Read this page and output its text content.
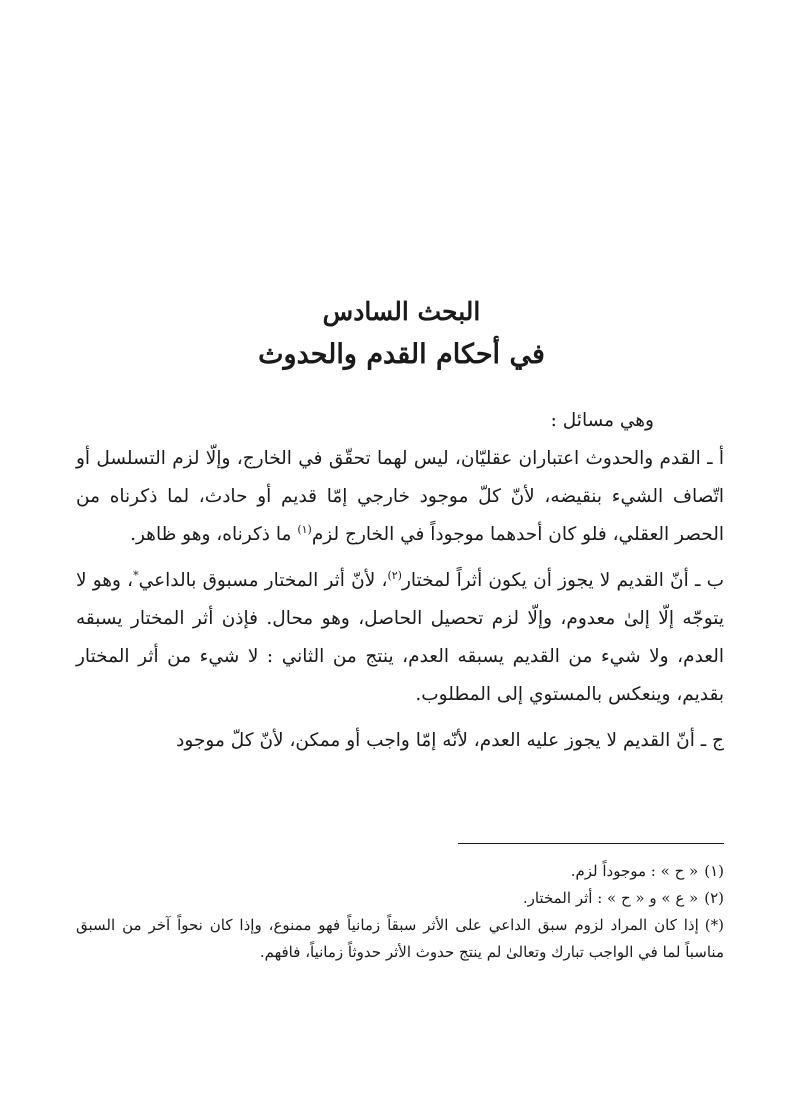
البحث السادس
في أحكام القدم والحدوث

وهي مسائل :

أ ـ القدم والحدوث اعتباران عقليّان، ليس لهما تحقّق في الخارج، وإلّا لزم التسلسل أو اتّصاف الشيء بنقيضه، لأنّ كلّ موجود خارجي إمّا قديم أو حادث، لما ذكرناه من الحصر العقلي، فلو كان أحدهما موجوداً في الخارج لزم$^{(١)}$ ما ذكرناه، وهو ظاهر.

ب ـ أنّ القديم لا يجوز أن يكون أثراً لمختار$^{(٢)}$، لأنّ أثر المختار مسبوق بالداعي*، وهو لا يتوجّه إلّا إلىٰ معدوم، وإلّا لزم تحصيل الحاصل، وهو محال. فإذن أثر المختار يسبقه العدم، ولا شيء من القديم يسبقه العدم، ينتج من الثاني : لا شيء من أثر المختار بقديم، وينعكس بالمستوي إلى المطلوب.

ج ـ أنّ القديم لا يجوز عليه العدم، لأنّه إمّا واجب أو ممكن، لأنّ كلّ موجود

(١)« ح » : موجوداً لزم.

(٢)« ع » و « ح » : أثر المختار.

(*)إذا كان المراد لزوم سبق الداعي على الأثر سبقاً زمانياً فهو ممنوع، وإذا كان نحواً آخر من السبق مناسباً لما في الواجب تبارك وتعالىٰ لم ينتج حدوث الأثر حدوثاً زمانياً، فافهم.
